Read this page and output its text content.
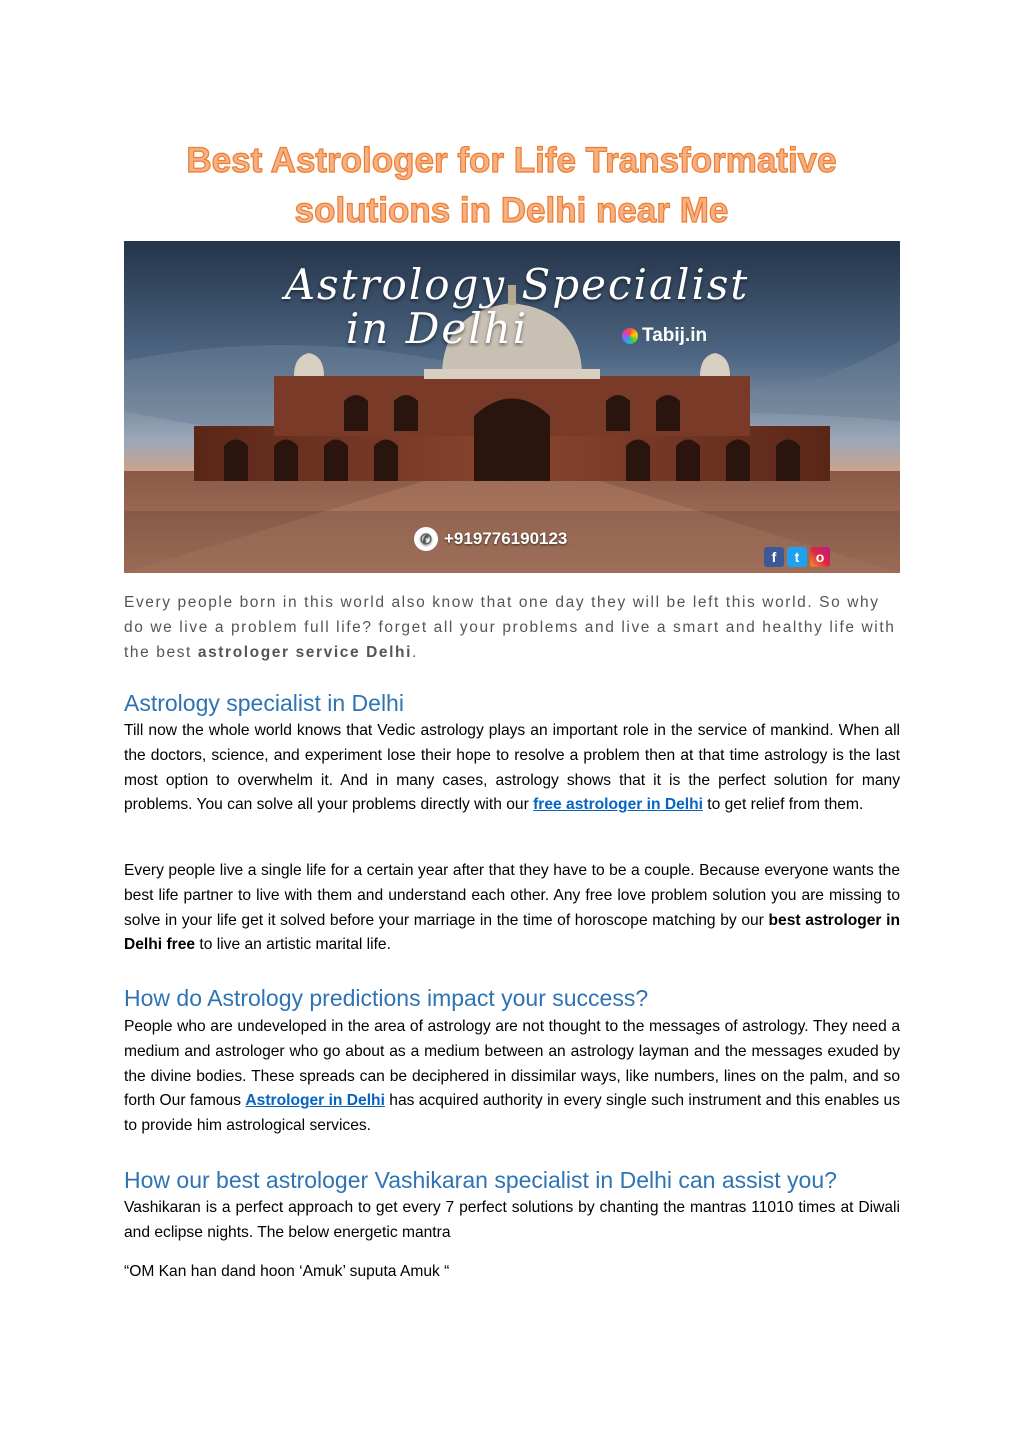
Best Astrologer for Life Transformative
solutions in Delhi near Me
Astrology Specialist
in Delhi	Tabij.in
✆ +919776190123
f	t	o
Every people born in this world also know that one day they will be left this world. So why do we live a problem full life? forget all your problems and live a smart and healthy life with the best astrologer service Delhi.
Astrology specialist in Delhi
Till now the whole world knows that Vedic astrology plays an important role in the service of mankind. When all the doctors, science, and experiment lose their hope to resolve a problem then at that time astrology is the last most option to overwhelm it. And in many cases, astrology shows that it is the perfect solution for many problems. You can solve all your problems directly with our free astrologer in Delhi to get relief from them.
Every people live a single life for a certain year after that they have to be a couple. Because everyone wants the best life partner to live with them and understand each other. Any free love problem solution you are missing to solve in your life get it solved before your marriage in the time of horoscope matching by our best astrologer in Delhi free to live an artistic marital life.
How do Astrology predictions impact your success?
People who are undeveloped in the area of astrology are not thought to the messages of astrology. They need a medium and astrologer who go about as a medium between an astrology layman and the messages exuded by the divine bodies. These spreads can be deciphered in dissimilar ways, like numbers, lines on the palm, and so forth Our famous Astrologer in Delhi has acquired authority in every single such instrument and this enables us to provide him astrological services.
How our best astrologer Vashikaran specialist in Delhi can assist you?
Vashikaran is a perfect approach to get every 7 perfect solutions by chanting the mantras 11010 times at Diwali and eclipse nights. The below energetic mantra
“OM Kan han dand hoon ‘Amuk’ suputa Amuk “
